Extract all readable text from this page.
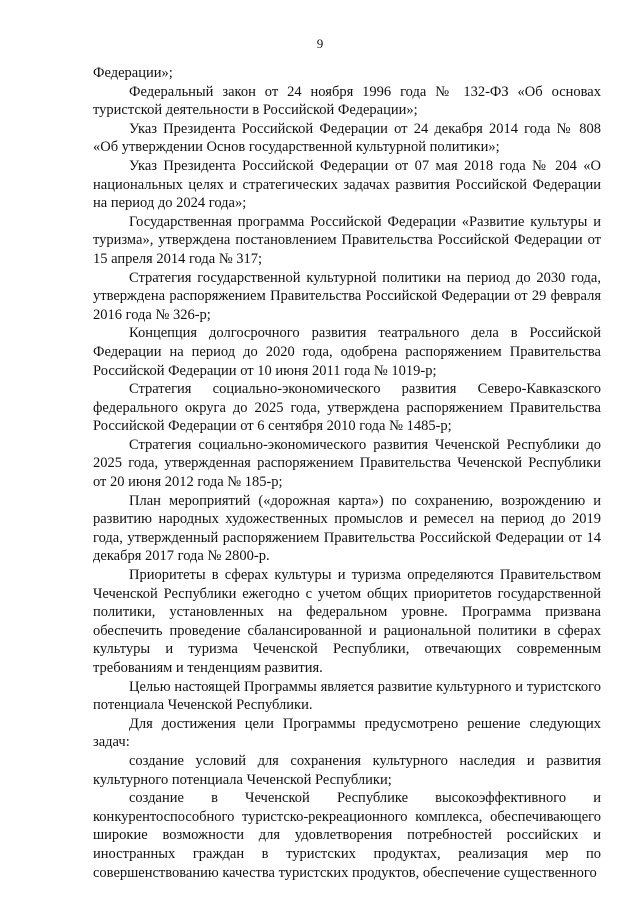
9

Федерации»;

Федеральный закон от 24 ноября 1996 года № 132-ФЗ «Об основах туристской деятельности в Российской Федерации»;

Указ Президента Российской Федерации от 24 декабря 2014 года № 808 «Об утверждении Основ государственной культурной политики»;

Указ Президента Российской Федерации от 07 мая 2018 года № 204 «О национальных целях и стратегических задачах развития Российской Федерации на период до 2024 года»;

Государственная программа Российской Федерации «Развитие культуры и туризма», утверждена постановлением Правительства Российской Федерации от 15 апреля 2014 года № 317;

Стратегия государственной культурной политики на период до 2030 года, утверждена распоряжением Правительства Российской Федерации от 29 февраля 2016 года № 326-р;

Концепция долгосрочного развития театрального дела в Российской Федерации на период до 2020 года, одобрена распоряжением Правительства Российской Федерации от 10 июня 2011 года № 1019-р;

Стратегия социально-экономического развития Северо-Кавказского федерального округа до 2025 года, утверждена распоряжением Правительства Российской Федерации от 6 сентября 2010 года № 1485-р;

Стратегия социально-экономического развития Чеченской Республики до 2025 года, утвержденная распоряжением Правительства Чеченской Республики от 20 июня 2012 года № 185-р;

План мероприятий («дорожная карта») по сохранению, возрождению и развитию народных художественных промыслов и ремесел на период до 2019 года, утвержденный распоряжением Правительства Российской Федерации от 14 декабря 2017 года № 2800-р.

Приоритеты в сферах культуры и туризма определяются Правительством Чеченской Республики ежегодно с учетом общих приоритетов государственной политики, установленных на федеральном уровне. Программа призвана обеспечить проведение сбалансированной и рациональной политики в сферах культуры и туризма Чеченской Республики, отвечающих современным требованиям и тенденциям развития.

Целью настоящей Программы является развитие культурного и туристского потенциала Чеченской Республики.

Для достижения цели Программы предусмотрено решение следующих задач:

создание условий для сохранения культурного наследия и развития культурного потенциала Чеченской Республики;

создание в Чеченской Республике высокоэффективного и конкурентоспособного туристско-рекреационного комплекса, обеспечивающего широкие возможности для удовлетворения потребностей российских и иностранных граждан в туристских продуктах, реализация мер по совершенствованию качества туристских продуктов, обеспечение существенного
